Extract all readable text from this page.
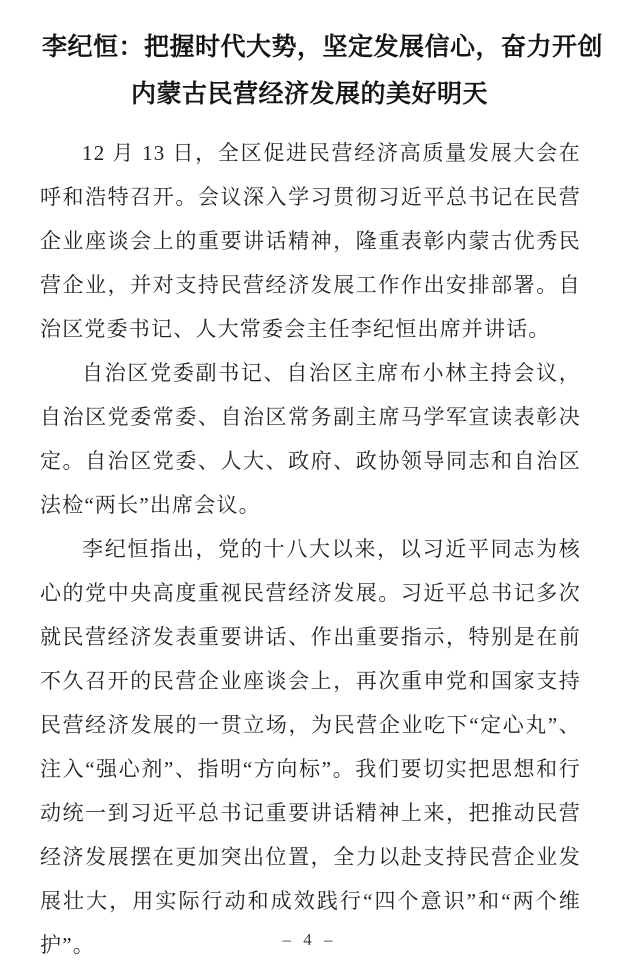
李纪恒：把握时代大势，坚定发展信心，奋力开创
内蒙古民营经济发展的美好明天

12 月 13 日，全区促进民营经济高质量发展大会在呼和浩特召开。会议深入学习贯彻习近平总书记在民营企业座谈会上的重要讲话精神，隆重表彰内蒙古优秀民营企业，并对支持民营经济发展工作作出安排部署。自治区党委书记、人大常委会主任李纪恒出席并讲话。

自治区党委副书记、自治区主席布小林主持会议，自治区党委常委、自治区常务副主席马学军宣读表彰决定。自治区党委、人大、政府、政协领导同志和自治区法检“两长”出席会议。

李纪恒指出，党的十八大以来，以习近平同志为核心的党中央高度重视民营经济发展。习近平总书记多次就民营经济发表重要讲话、作出重要指示，特别是在前不久召开的民营企业座谈会上，再次重申党和国家支持民营经济发展的一贯立场，为民营企业吃下“定心丸”、注入“强心剂”、指明“方向标”。我们要切实把思想和行动统一到习近平总书记重要讲话精神上来，把推动民营经济发展摆在更加突出位置，全力以赴支持民营企业发展壮大，用实际行动和成效践行“四个意识”和“两个维护”。	– 4 –
